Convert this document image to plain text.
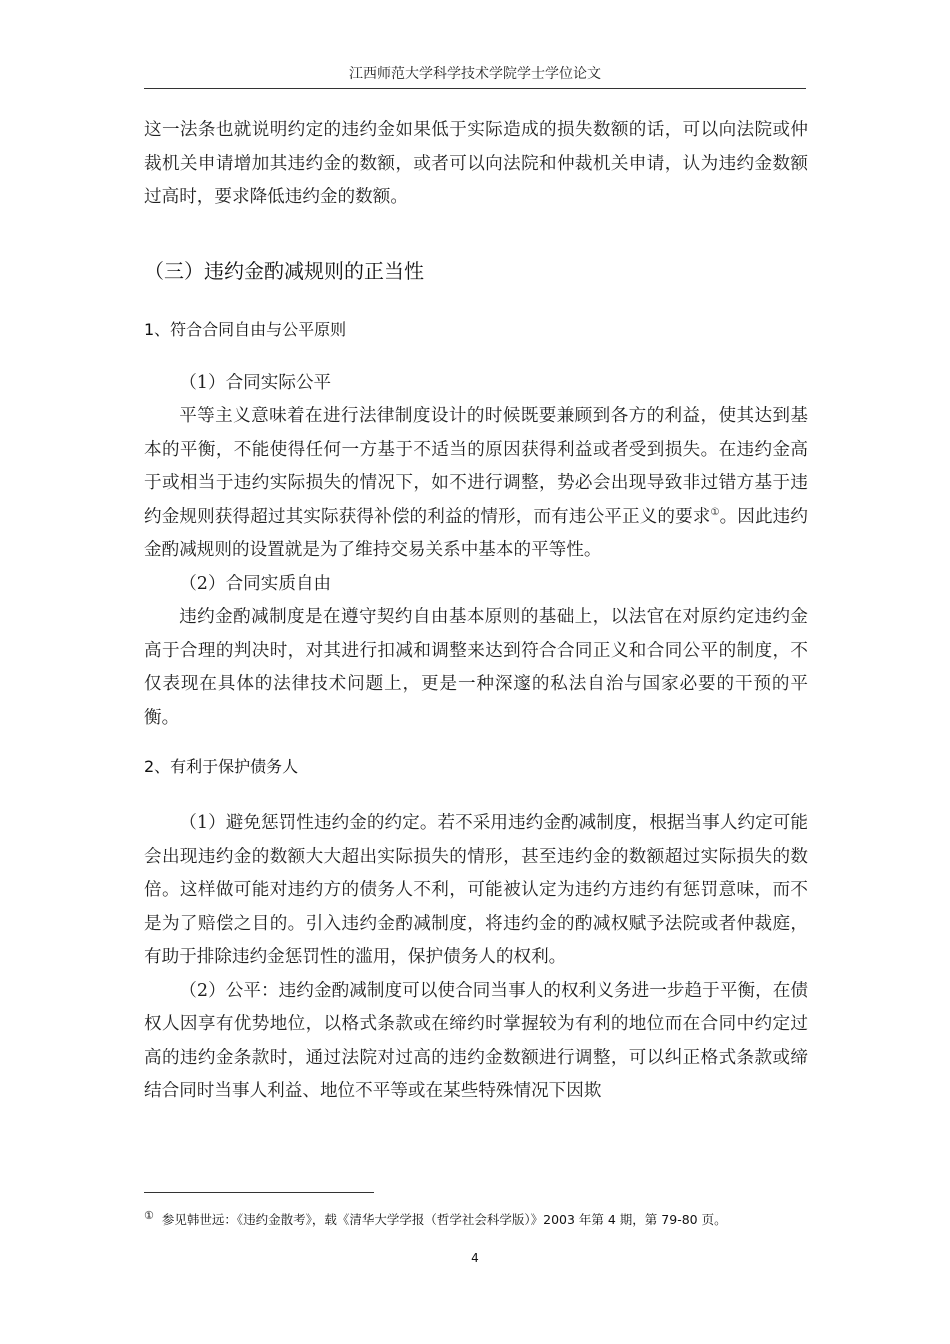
江西师范大学科学技术学院学士学位论文

这一法条也就说明约定的违约金如果低于实际造成的损失数额的话，可以向法院或仲裁机关申请增加其违约金的数额，或者可以向法院和仲裁机关申请，认为违约金数额过高时，要求降低违约金的数额。

（三）违约金酌减规则的正当性
1、符合合同自由与公平原则

（1）合同实际公平

平等主义意味着在进行法律制度设计的时候既要兼顾到各方的利益，使其达到基本的平衡，不能使得任何一方基于不适当的原因获得利益或者受到损失。在违约金高于或相当于违约实际损失的情况下，如不进行调整，势必会出现导致非过错方基于违约金规则获得超过其实际获得补偿的利益的情形，而有违公平正义的要求①。因此违约金酌减规则的设置就是为了维持交易关系中基本的平等性。

（2）合同实质自由

违约金酌减制度是在遵守契约自由基本原则的基础上，以法官在对原约定违约金高于合理的判决时，对其进行扣减和调整来达到符合合同正义和合同公平的制度，不仅表现在具体的法律技术问题上，更是一种深邃的私法自治与国家必要的干预的平衡。

2、有利于保护债务人

（1）避免惩罚性违约金的约定。若不采用违约金酌减制度，根据当事人约定可能会出现违约金的数额大大超出实际损失的情形，甚至违约金的数额超过实际损失的数倍。这样做可能对违约方的债务人不利，可能被认定为违约方违约有惩罚意味，而不是为了赔偿之目的。引入违约金酌减制度，将违约金的酌减权赋予法院或者仲裁庭，有助于排除违约金惩罚性的滥用，保护债务人的权利。

（2）公平：违约金酌减制度可以使合同当事人的权利义务进一步趋于平衡，在债权人因享有优势地位，以格式条款或在缔约时掌握较为有利的地位而在合同中约定过高的违约金条款时，通过法院对过高的违约金数额进行调整，可以纠正格式条款或缔结合同时当事人利益、地位不平等或在某些特殊情况下因欺

① 参见韩世远：《违约金散考》，载《清华大学学报（哲学社会科学版）》2003 年第 4 期，第 79-80 页。
4
